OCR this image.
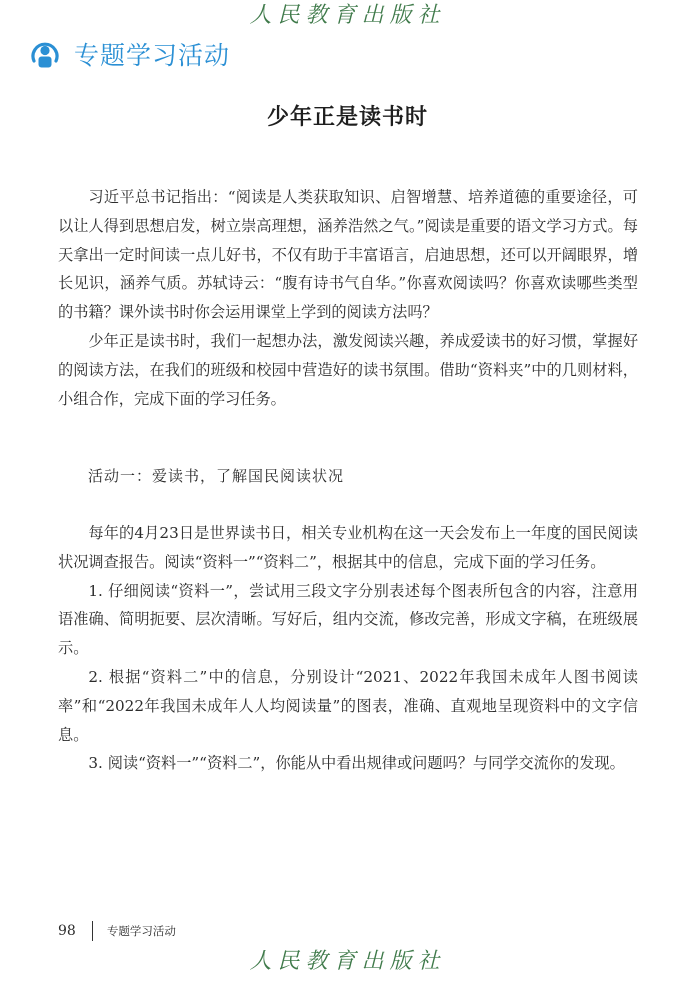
人民教育出版社
专题学习活动
少年正是读书时

习近平总书记指出：“阅读是人类获取知识、启智增慧、培养道德的重要途径，可以让人得到思想启发，树立崇高理想，涵养浩然之气。”阅读是重要的语文学习方式。每天拿出一定时间读一点儿好书，不仅有助于丰富语言，启迪思想，还可以开阔眼界，增长见识，涵养气质。苏轼诗云：“腹有诗书气自华。”你喜欢阅读吗？你喜欢读哪些类型的书籍？课外读书时你会运用课堂上学到的阅读方法吗？

少年正是读书时，我们一起想办法，激发阅读兴趣，养成爱读书的好习惯，掌握好的阅读方法，在我们的班级和校园中营造好的读书氛围。借助“资料夹”中的几则材料，小组合作，完成下面的学习任务。

活动一：爱读书，了解国民阅读状况

每年的4月23日是世界读书日，相关专业机构在这一天会发布上一年度的国民阅读状况调查报告。阅读“资料一”“资料二”，根据其中的信息，完成下面的学习任务。

1. 仔细阅读“资料一”，尝试用三段文字分别表述每个图表所包含的内容，注意用语准确、简明扼要、层次清晰。写好后，组内交流，修改完善，形成文字稿，在班级展示。

2. 根据“资料二”中的信息，分别设计“2021、2022年我国未成年人图书阅读率”和“2022年我国未成年人人均阅读量”的图表，准确、直观地呈现资料中的文字信息。

3. 阅读“资料一”“资料二”，你能从中看出规律或问题吗？与同学交流你的发现。

98	专题学习活动
人民教育出版社
